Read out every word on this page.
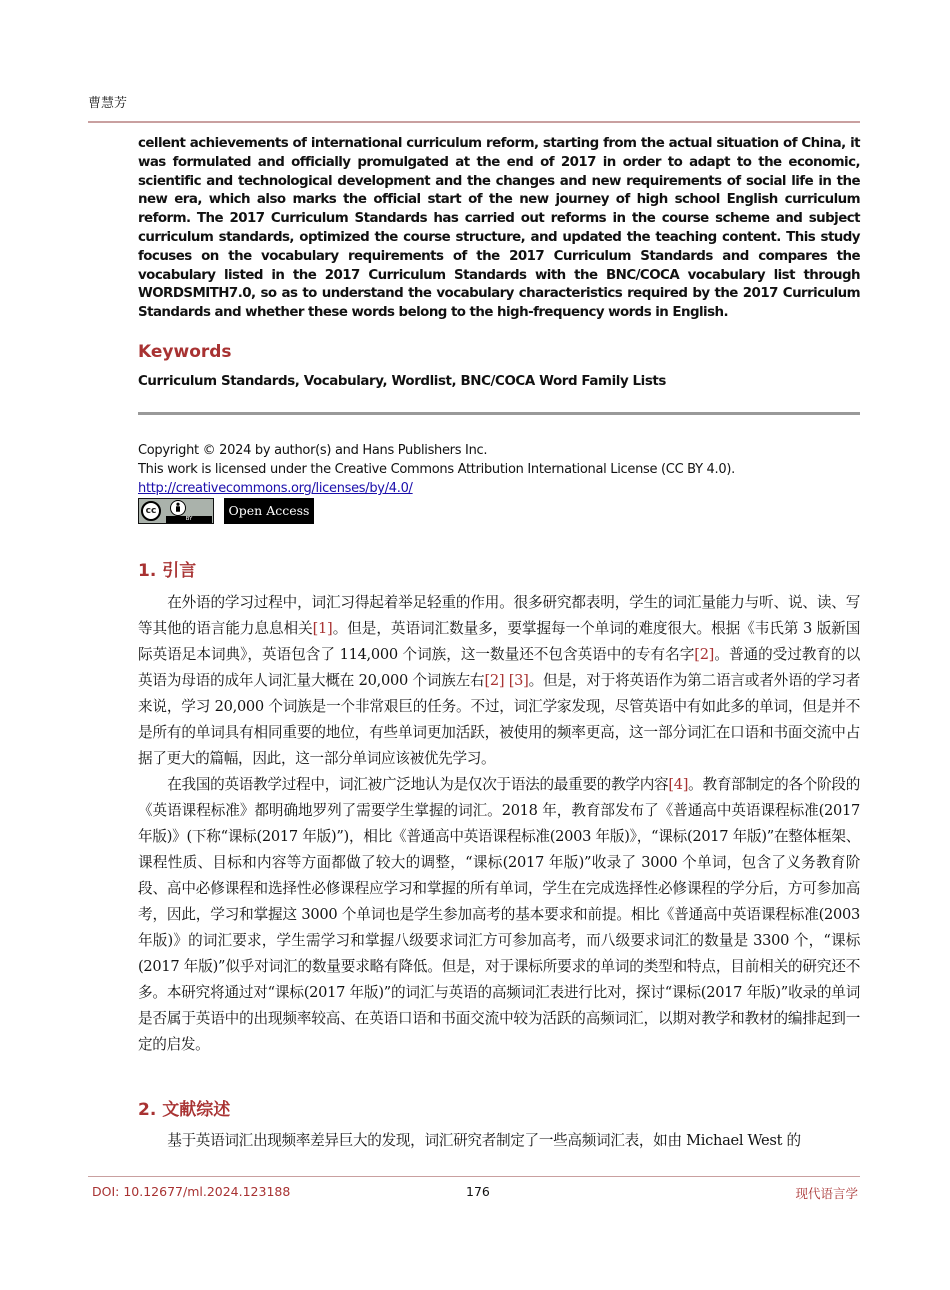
曹慧芳

cellent achievements of international curriculum reform, starting from the actual situation of China, it was formulated and officially promulgated at the end of 2017 in order to adapt to the economic, scientific and technological development and the changes and new requirements of social life in the new era, which also marks the official start of the new journey of high school English curriculum reform. The 2017 Curriculum Standards has carried out reforms in the course scheme and subject curriculum standards, optimized the course structure, and updated the teaching content. This study focuses on the vocabulary requirements of the 2017 Curriculum Standards and compares the vocabulary listed in the 2017 Curriculum Standards with the BNC/COCA vocabulary list through WORDSMITH7.0, so as to understand the vocabulary characteristics required by the 2017 Curriculum Standards and whether these words belong to the high-frequency words in English.

Keywords
Curriculum Standards, Vocabulary, Wordlist, BNC/COCA Word Family Lists
Copyright © 2024 by author(s) and Hans Publishers Inc.
This work is licensed under the Creative Commons Attribution International License (CC BY 4.0).
http://creativecommons.org/licenses/by/4.0/
cc
BY
Open Access
1. 引言

在外语的学习过程中，词汇习得起着举足轻重的作用。很多研究都表明，学生的词汇量能力与听、说、读、写等其他的语言能力息息相关[1]。但是，英语词汇数量多，要掌握每一个单词的难度很大。根据《韦氏第 3 版新国际英语足本词典》，英语包含了 114,000 个词族，这一数量还不包含英语中的专有名字[2]。普通的受过教育的以英语为母语的成年人词汇量大概在 20,000 个词族左右[2] [3]。但是，对于将英语作为第二语言或者外语的学习者来说，学习 20,000 个词族是一个非常艰巨的任务。不过，词汇学家发现，尽管英语中有如此多的单词，但是并不是所有的单词具有相同重要的地位，有些单词更加活跃，被使用的频率更高，这一部分词汇在口语和书面交流中占据了更大的篇幅，因此，这一部分单词应该被优先学习。

在我国的英语教学过程中，词汇被广泛地认为是仅次于语法的最重要的教学内容[4]。教育部制定的各个阶段的《英语课程标准》都明确地罗列了需要学生掌握的词汇。2018 年，教育部发布了《普通高中英语课程标准(2017 年版)》(下称“课标(2017 年版)”)，相比《普通高中英语课程标准(2003 年版)》，“课标(2017 年版)”在整体框架、课程性质、目标和内容等方面都做了较大的调整，“课标(2017 年版)”收录了 3000 个单词，包含了义务教育阶段、高中必修课程和选择性必修课程应学习和掌握的所有单词，学生在完成选择性必修课程的学分后，方可参加高考，因此，学习和掌握这 3000 个单词也是学生参加高考的基本要求和前提。相比《普通高中英语课程标准(2003 年版)》的词汇要求，学生需学习和掌握八级要求词汇方可参加高考，而八级要求词汇的数量是 3300 个，“课标(2017 年版)”似乎对词汇的数量要求略有降低。但是，对于课标所要求的单词的类型和特点，目前相关的研究还不多。本研究将通过对“课标(2017 年版)”的词汇与英语的高频词汇表进行比对，探讨“课标(2017 年版)”收录的单词是否属于英语中的出现频率较高、在英语口语和书面交流中较为活跃的高频词汇，以期对教学和教材的编排起到一定的启发。

2. 文献综述

基于英语词汇出现频率差异巨大的发现，词汇研究者制定了一些高频词汇表，如由 Michael West 的

DOI: 10.12677/ml.2024.123188	176	现代语言学
